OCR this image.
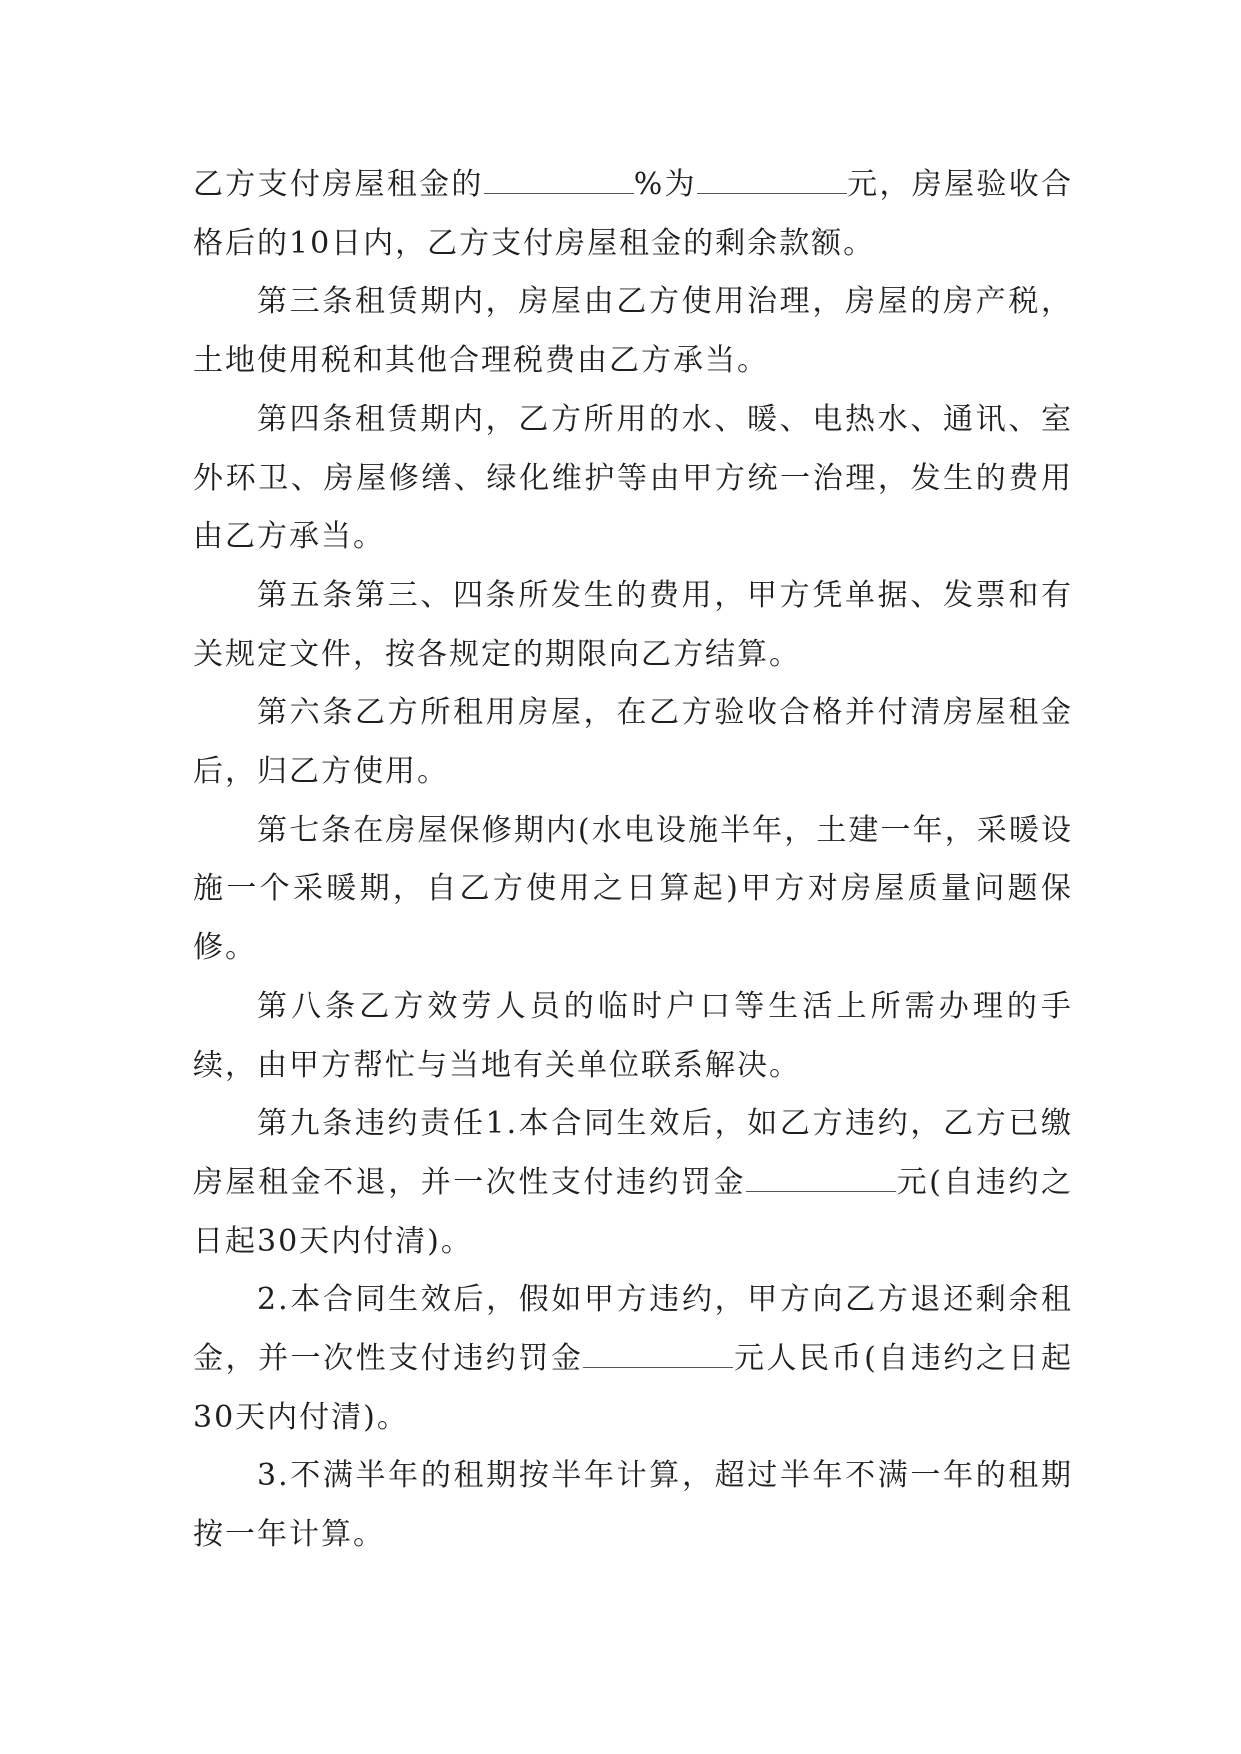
乙方支付房屋租金的	%为	元，房屋验收合格后的10日内，乙方支付房屋租金的剩余款额。

第三条租赁期内，房屋由乙方使用治理，房屋的房产税，土地使用税和其他合理税费由乙方承当。

第四条租赁期内，乙方所用的水、暖、电热水、通讯、室外环卫、房屋修缮、绿化维护等由甲方统一治理，发生的费用由乙方承当。

第五条第三、四条所发生的费用，甲方凭单据、发票和有关规定文件，按各规定的期限向乙方结算。

第六条乙方所租用房屋，在乙方验收合格并付清房屋租金后，归乙方使用。

第七条在房屋保修期内(水电设施半年，土建一年，采暖设施一个采暖期，自乙方使用之日算起)甲方对房屋质量问题保修。

第八条乙方效劳人员的临时户口等生活上所需办理的手续，由甲方帮忙与当地有关单位联系解决。

第九条违约责任1.本合同生效后，如乙方违约，乙方已缴房屋租金不退，并一次性支付违约罚金	元(自违约之日起30天内付清)。

2.本合同生效后，假如甲方违约，甲方向乙方退还剩余租金，并一次性支付违约罚金	元人民币(自违约之日起30天内付清)。

3.不满半年的租期按半年计算，超过半年不满一年的租期按一年计算。
